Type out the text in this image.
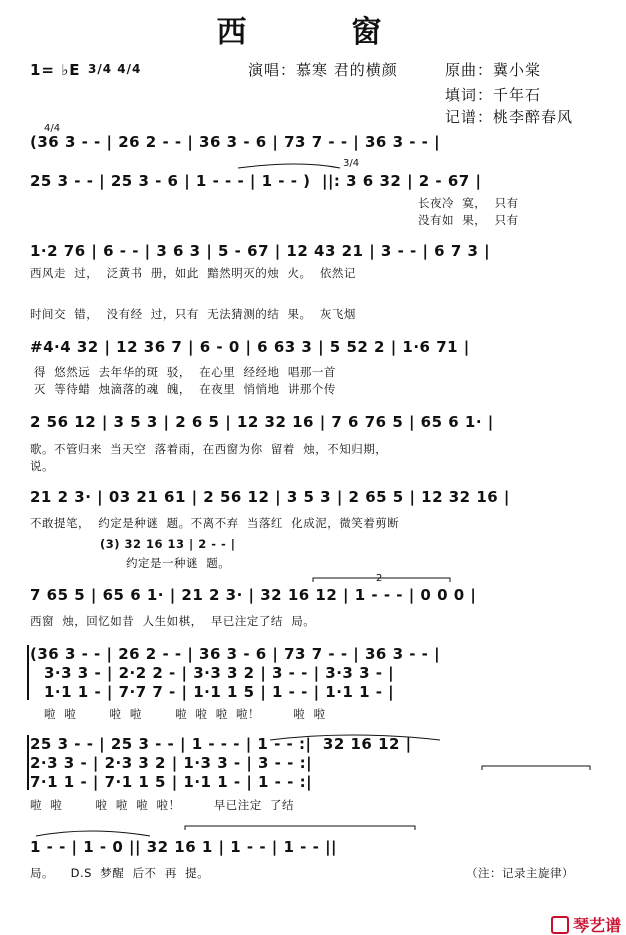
西  窗
1= ♭E 3/4 4/4	演唱：慕寒 君的横颜	原曲：冀小棠
填词：千年石
记谱：桃李醉春风
4/4
(36 3 - - | 26 2 - - | 36 3 - 6 | 73 7 - - | 36 3 - - |
3/4
25 3 - - | 25 3 - 6 | 1 - - - | 1 - - )  ||: 3 6 32 | 2 - 67 |
长夜冷  寞，  只有
没有如  果，  只有
1·2 76 | 6 - - | 3 6 3 | 5 - 67 | 12 43 21 | 3 - - | 6 7 3 |
西风走  过，  泛黄书  册，如此  黯然明灭的烛  火。  依然记
时间交  错，  没有经  过，只有  无法猜测的结  果。  灰飞烟
#4·4 32 | 12 36 7 | 6 - 0 | 6 63 3 | 5 52 2 | 1·6 71 |
得  悠然远  去年华的斑  驳，  在心里  经经地  唱那一首
灭  等待蜡  烛滴落的魂  魄，  在夜里  悄悄地  讲那个传
2 56 12 | 3 5 3 | 2 6 5 | 12 32 16 | 7 6 76 5 | 65 6 1· |
歌。不管归来  当天空  落着雨，在西窗为你  留着  烛，不知归期，
说。
21 2 3· | 03 21 61 | 2 56 12 | 3 5 3 | 2 65 5 | 12 32 16 |
不敢提笔，  约定是种谜  题。不离不弃  当落红  化成泥，微笑着剪断
(3) 32 16 13 | 2 - - |
约定是一种谜  题。
2
7 65 5 | 65 6 1· | 21 2 3· | 32 16 12 | 1 - - - | 0 0 0 |
西窗  烛，回忆如昔  人生如棋，  早已注定了结  局。
(36 3 - - | 26 2 - - | 36 3 - 6 | 73 7 - - | 36 3 - - |
3·3 3 - | 2·2 2 - | 3·3 3 2 | 3 - - | 3·3 3 - |
1·1 1 - | 7·7 7 - | 1·1 1 5 | 1 - - | 1·1 1 - |
啦  啦        啦  啦        啦  啦  啦  啦！        啦  啦
25 3 - - | 25 3 - - | 1 - - - | 1 - - :|  32 16 12 |
2·3 3 - | 2·3 3 2 | 1·3 3 - | 3 - - :|
7·1 1 - | 7·1 1 5 | 1·1 1 - | 1 - - :|
啦  啦        啦  啦  啦  啦！        早已注定  了结
1 - - | 1 - 0 || 32 16 1 | 1 - - | 1 - - ||
局。    D.S  梦醒  后不  再  提。	（注：记录主旋律）

琴艺谱
